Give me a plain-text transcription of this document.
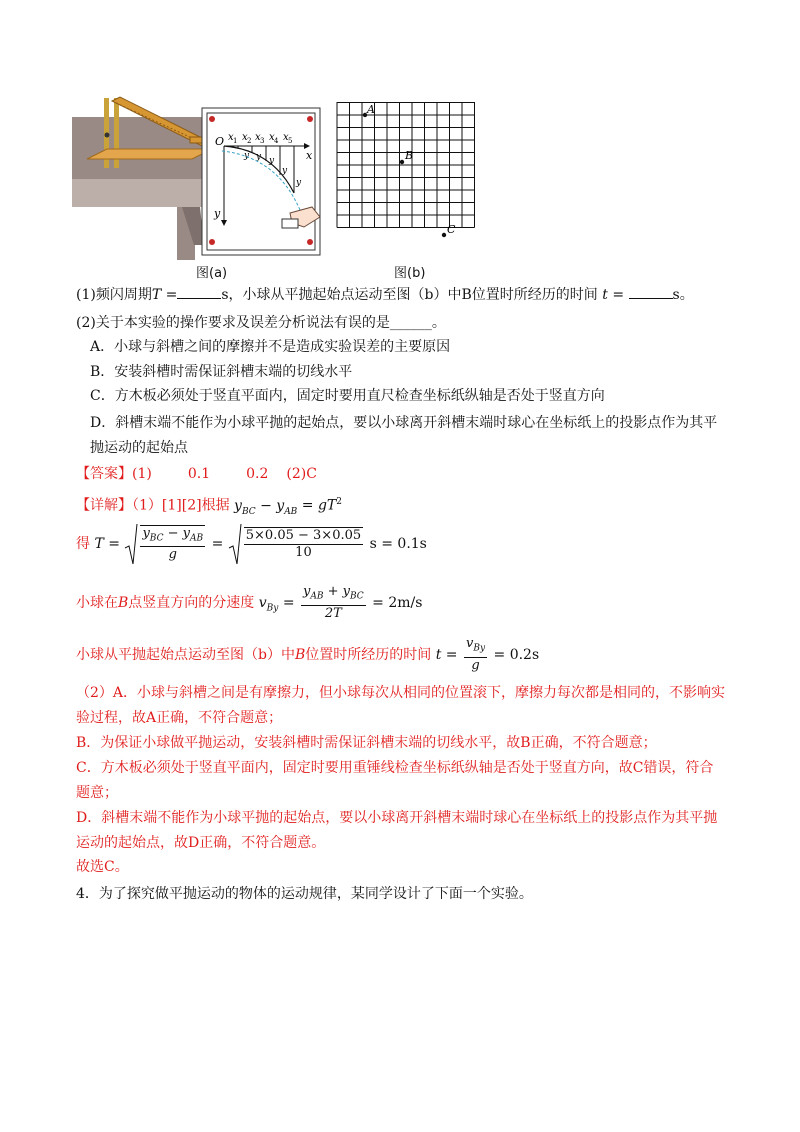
O
x
y
x 1 x 2 x 3 x 4 x 5
y y y
y
y
图(a)
A
B
C
图(b)
(1)频闪周期T =	s，小球从平抛起始点运动至图（b）中B位置时所经历的时间 t =	s。
(2)关于本实验的操作要求及误差分析说法有误的是______。
A．小球与斜槽之间的摩擦并不是造成实验误差的主要原因
B．安装斜槽时需保证斜槽末端的切线水平
C．方木板必须处于竖直平面内，固定时要用直尺检查坐标纸纵轴是否处于竖直方向
D．斜槽末端不能作为小球平抛的起始点，要以小球离开斜槽末端时球心在坐标纸上的投影点作为其平
抛运动的起始点
【答案】(1)	0.1	0.2 (2)C
【详解】（1）[1][2]根据 $y_{BC} - y_{AB} = gT^2$
得 $T = \frac{y_{BC} - y_{AB}}{g} = \frac{5\times 0.05 - 3\times 0.05}{10}$ s = 0.1s
小球在B点竖直方向的分速度 $v_{By} = \frac{y_{AB} + y_{BC}}{2T} = 2m/s$
小球从平抛起始点运动至图（b）中B位置时所经历的时间 $t = \frac{v_{By}}{g} = 0.2s$
（2）A．小球与斜槽之间是有摩擦力，但小球每次从相同的位置滚下，摩擦力每次都是相同的，不影响实
验过程，故A正确，不符合题意；
B．为保证小球做平抛运动，安装斜槽时需保证斜槽末端的切线水平，故B正确，不符合题意；
C．方木板必须处于竖直平面内，固定时要用重锤线检查坐标纸纵轴是否处于竖直方向，故C错误，符合
题意；
D．斜槽末端不能作为小球平抛的起始点，要以小球离开斜槽末端时球心在坐标纸上的投影点作为其平抛
运动的起始点，故D正确，不符合题意。
故选C。
4．为了探究做平抛运动的物体的运动规律，某同学设计了下面一个实验。
